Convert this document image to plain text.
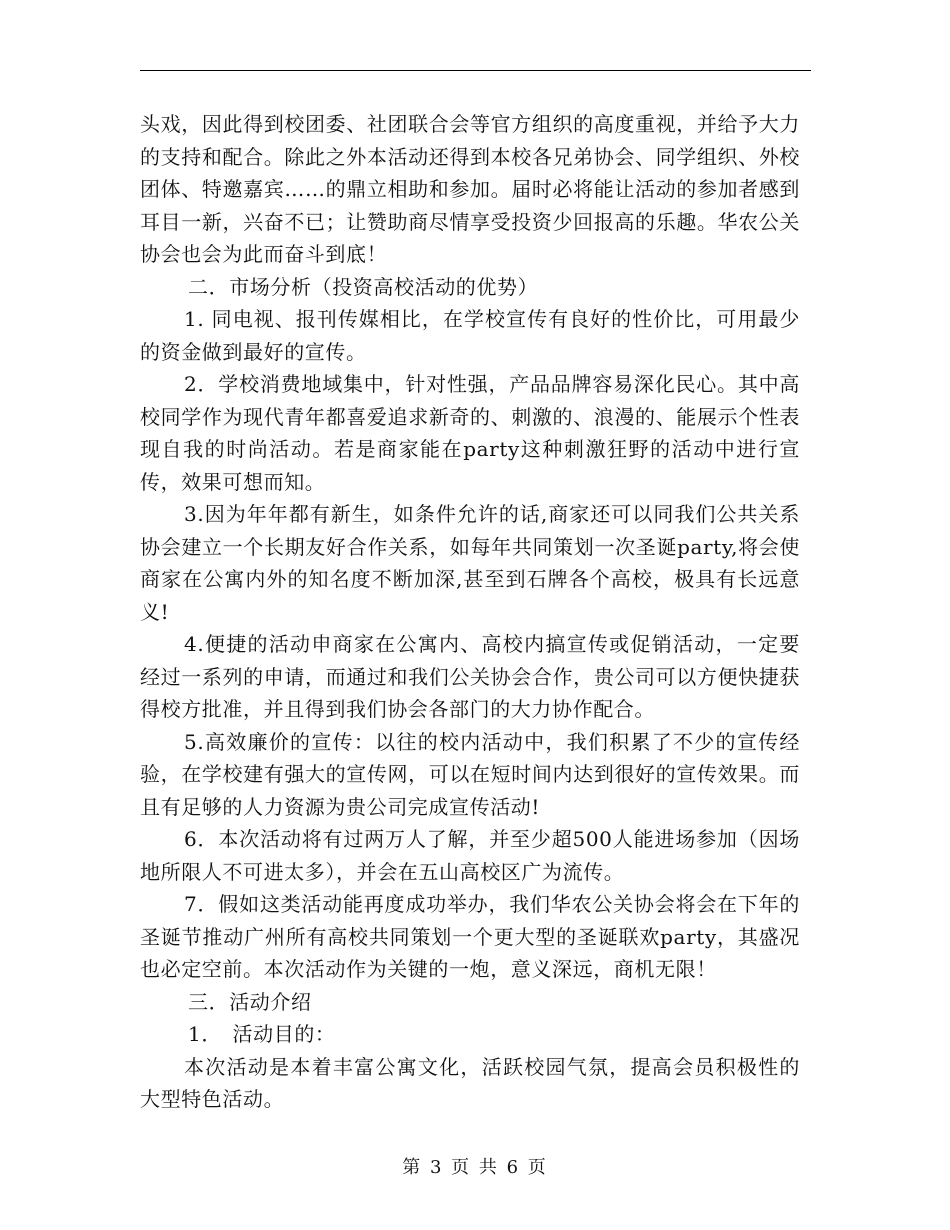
头戏，因此得到校团委、社团联合会等官方组织的高度重视，并给予大力的支持和配合。除此之外本活动还得到本校各兄弟协会、同学组织、外校团体、特邀嘉宾……的鼎立相助和参加。届时必将能让活动的参加者感到耳目一新，兴奋不已；让赞助商尽情享受投资少回报高的乐趣。华农公关协会也会为此而奋斗到底！

二．市场分析（投资高校活动的优势）

1. 同电视、报刊传媒相比，在学校宣传有良好的性价比，可用最少的资金做到最好的宣传。

2．学校消费地域集中，针对性强，产品品牌容易深化民心。其中高校同学作为现代青年都喜爱追求新奇的、刺激的、浪漫的、能展示个性表现自我的时尚活动。若是商家能在party这种刺激狂野的活动中进行宣传，效果可想而知。

3.因为年年都有新生，如条件允许的话,商家还可以同我们公共关系协会建立一个长期友好合作关系，如每年共同策划一次圣诞party,将会使商家在公寓内外的知名度不断加深,甚至到石牌各个高校，极具有长远意义!

4.便捷的活动申商家在公寓内、高校内搞宣传或促销活动，一定要经过一系列的申请，而通过和我们公关协会合作，贵公司可以方便快捷获得校方批准，并且得到我们协会各部门的大力协作配合。

5.高效廉价的宣传：以往的校内活动中，我们积累了不少的宣传经验，在学校建有强大的宣传网，可以在短时间内达到很好的宣传效果。而且有足够的人力资源为贵公司完成宣传活动!

6．本次活动将有过两万人了解，并至少超500人能进场参加（因场地所限人不可进太多），并会在五山高校区广为流传。

7．假如这类活动能再度成功举办，我们华农公关协会将会在下年的圣诞节推动广州所有高校共同策划一个更大型的圣诞联欢party，其盛况也必定空前。本次活动作为关键的一炮，意义深远，商机无限！

三．活动介绍

1．　活动目的：

本次活动是本着丰富公寓文化，活跃校园气氛，提高会员积极性的大型特色活动。

第 3 页 共 6 页
